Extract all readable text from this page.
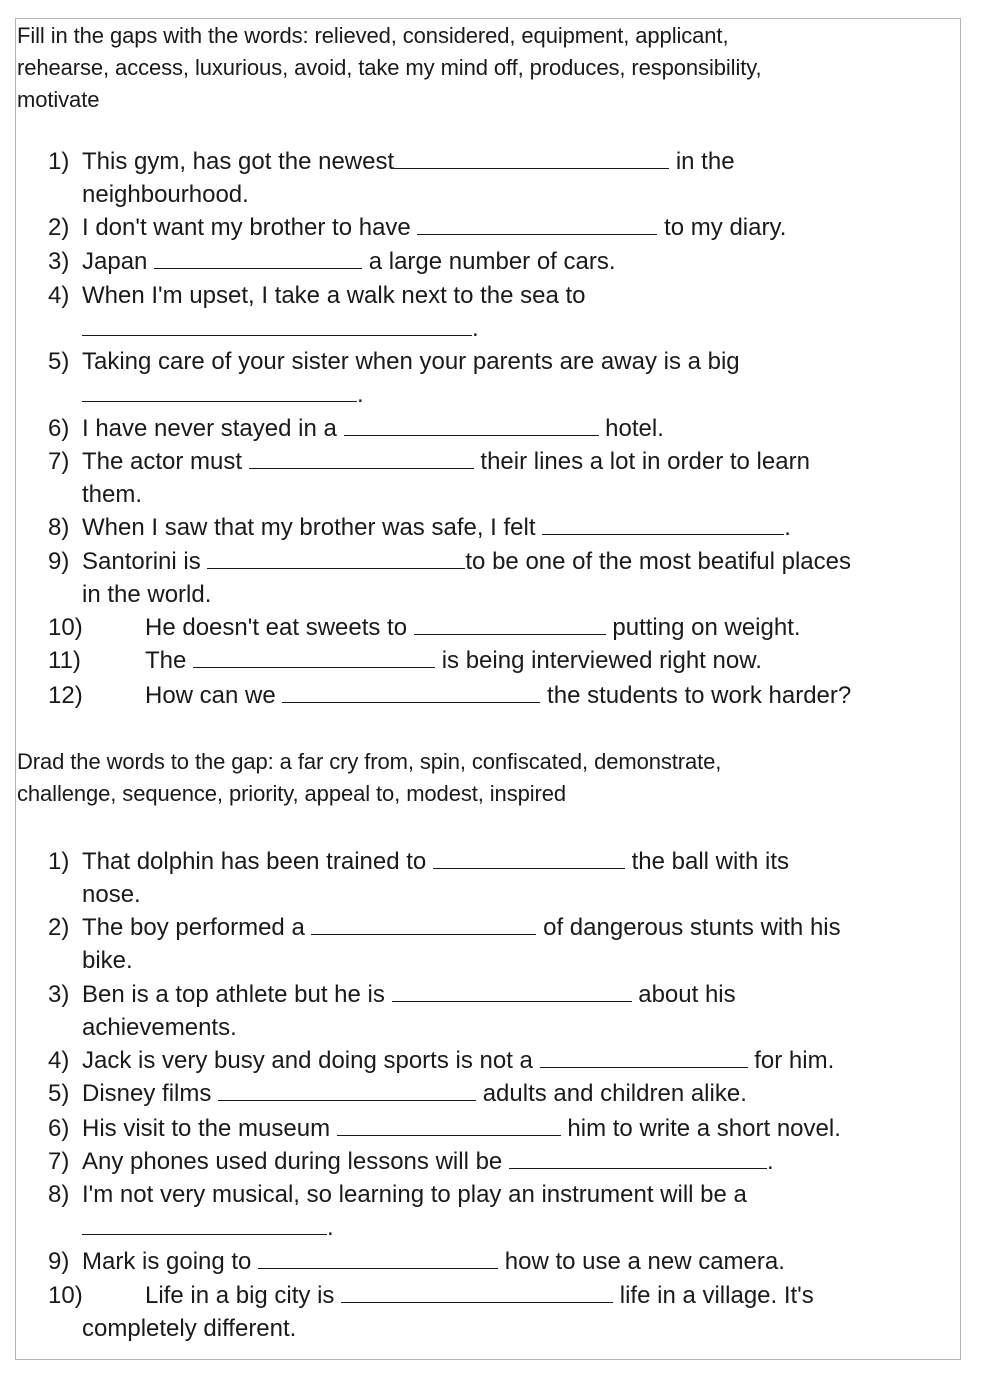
Fill in the gaps with the words: relieved, considered, equipment, applicant,
rehearse, access, luxurious, avoid, take my mind off, produces, responsibility,
motivate

1) This gym, has got the newest	in the
neighbourhood.
2) I don't want my brother to have	to my diary.
3) Japan	a large number of cars.
4) When I'm upset, I take a walk next to the sea to
.
5) Taking care of your sister when your parents are away is a big
.
6) I have never stayed in a	hotel.
7) The actor must	their lines a lot in order to learn
them.
8) When I saw that my brother was safe, I felt	.
9) Santorini is	to be one of the most beatiful places
in the world.
10)	He doesn't eat sweets to	putting on weight.
11)	The	is being interviewed right now.
12)	How can we	the students to work harder?

Drad the words to the gap: a far cry from, spin, confiscated, demonstrate,
challenge, sequence, priority, appeal to, modest, inspired

1) That dolphin has been trained to	the ball with its
nose.
2) The boy performed a	of dangerous stunts with his
bike.
3) Ben is a top athlete but he is	about his
achievements.
4) Jack is very busy and doing sports is not a	for him.
5) Disney films	adults and children alike.
6) His visit to the museum	him to write a short novel.
7) Any phones used during lessons will be	.
8) I'm not very musical, so learning to play an instrument will be a
.
9) Mark is going to	how to use a new camera.
10)	Life in a big city is	life in a village. It's
completely different.
